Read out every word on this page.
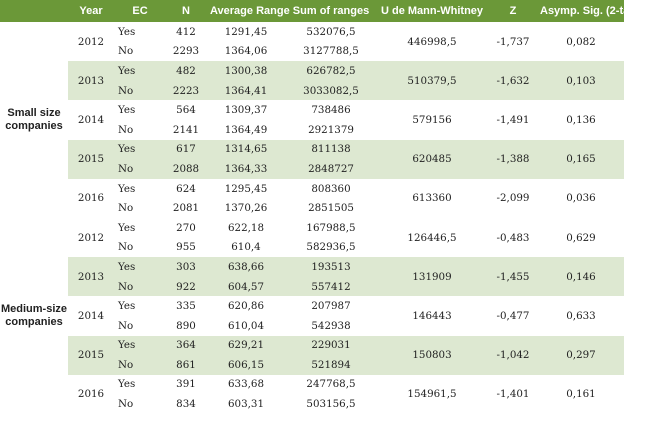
	Year	EC	N	Average Range	Sum of ranges	U de Mann-Whitney	Z	Asymp. Sig. (2-tailed
Small size companies	2012	Yes	412	1291,45	532076,5	446998,5	-1,737	0,082
		No	2293	1364,06	3127788,5			
	2013	Yes	482	1300,38	626782,5	510379,5	-1,632	0,103
		No	2223	1364,41	3033082,5			
	2014	Yes	564	1309,37	738486	579156	-1,491	0,136
		No	2141	1364,49	2921379			
	2015	Yes	617	1314,65	811138	620485	-1,388	0,165
		No	2088	1364,33	2848727			
	2016	Yes	624	1295,45	808360	613360	-2,099	0,036
		No	2081	1370,26	2851505			
Medium-size companies	2012	Yes	270	622,18	167988,5	126446,5	-0,483	0,629
		No	955	610,4	582936,5			
	2013	Yes	303	638,66	193513	131909	-1,455	0,146
		No	922	604,57	557412			
	2014	Yes	335	620,86	207987	146443	-0,477	0,633
		No	890	610,04	542938			
	2015	Yes	364	629,21	229031	150803	-1,042	0,297
		No	861	606,15	521894			
	2016	Yes	391	633,68	247768,5	154961,5	-1,401	0,161
		No	834	603,31	503156,5			
